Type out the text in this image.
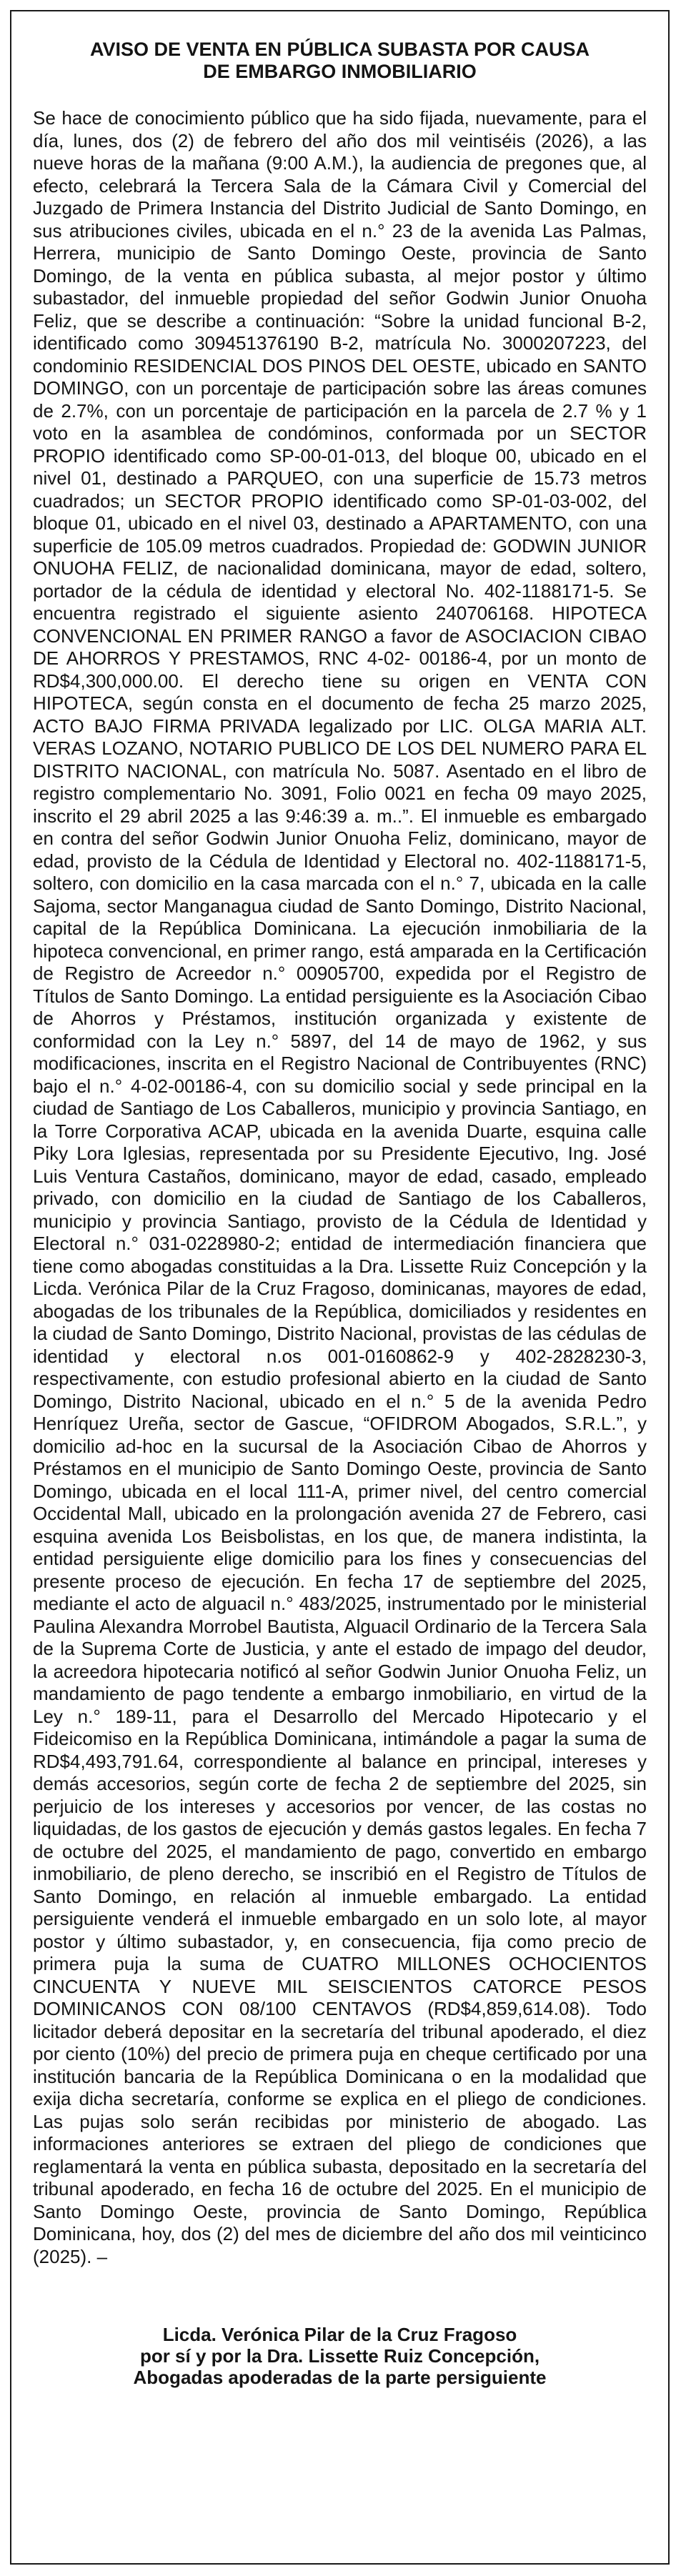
AVISO DE VENTA EN PÚBLICA SUBASTA POR CAUSA
DE EMBARGO INMOBILIARIO

Se hace de conocimiento público que ha sido fijada, nuevamente, para el día, lunes, dos (2) de febrero del año dos mil veintiséis (2026), a las nueve horas de la mañana (9:00 A.M.), la audiencia de pregones que, al efecto, celebrará la Tercera Sala de la Cámara Civil y Comercial del Juzgado de Primera Instancia del Distrito Judicial de Santo Domingo, en sus atribuciones civiles, ubicada en el n.° 23 de la avenida Las Palmas, Herrera, municipio de Santo Domingo Oeste, provincia de Santo Domingo, de la venta en pública subasta, al mejor postor y último subastador, del inmueble propiedad del señor Godwin Junior Onuoha Feliz, que se describe a continuación: “Sobre la unidad funcional B-2, identificado como 309451376190 B-2, matrícula No. 3000207223, del condominio RESIDENCIAL DOS PINOS DEL OESTE, ubicado en SANTO DOMINGO, con un porcentaje de participación sobre las áreas comunes de 2.7%, con un porcentaje de participación en la parcela de 2.7 % y 1 voto en la asamblea de condóminos, conformada por un SECTOR PROPIO identificado como SP-00-01-013, del bloque 00, ubicado en el nivel 01, destinado a PARQUEO, con una superficie de 15.73 metros cuadrados; un SECTOR PROPIO identificado como SP-01-03-002, del bloque 01, ubicado en el nivel 03, destinado a APARTAMENTO, con una superficie de 105.09 metros cuadrados. Propiedad de: GODWIN JUNIOR ONUOHA FELIZ, de nacionalidad dominicana, mayor de edad, soltero, portador de la cédula de identidad y electoral No. 402-1188171-5. Se encuentra registrado el siguiente asiento 240706168. HIPOTECA CONVENCIONAL EN PRIMER RANGO a favor de ASOCIACION CIBAO DE AHORROS Y PRESTAMOS, RNC 4-02- 00186-4, por un monto de RD$4,300,000.00. El derecho tiene su origen en VENTA CON HIPOTECA, según consta en el documento de fecha 25 marzo 2025, ACTO BAJO FIRMA PRIVADA legalizado por LIC. OLGA MARIA ALT. VERAS LOZANO, NOTARIO PUBLICO DE LOS DEL NUMERO PARA EL DISTRITO NACIONAL, con matrícula No. 5087. Asentado en el libro de registro complementario No. 3091, Folio 0021 en fecha 09 mayo 2025, inscrito el 29 abril 2025 a las 9:46:39 a. m..”. El inmueble es embargado en contra del señor Godwin Junior Onuoha Feliz, dominicano, mayor de edad, provisto de la Cédula de Identidad y Electoral no. 402-1188171-5, soltero, con domicilio en la casa marcada con el n.° 7, ubicada en la calle Sajoma, sector Manganagua ciudad de Santo Domingo, Distrito Nacional, capital de la República Dominicana. La ejecución inmobiliaria de la hipoteca convencional, en primer rango, está amparada en la Certificación de Registro de Acreedor n.° 00905700, expedida por el Registro de Títulos de Santo Domingo. La entidad persiguiente es la Asociación Cibao de Ahorros y Préstamos, institución organizada y existente de conformidad con la Ley n.° 5897, del 14 de mayo de 1962, y sus modificaciones, inscrita en el Registro Nacional de Contribuyentes (RNC) bajo el n.° 4-02-00186-4, con su domicilio social y sede principal en la ciudad de Santiago de Los Caballeros, municipio y provincia Santiago, en la Torre Corporativa ACAP, ubicada en la avenida Duarte, esquina calle Piky Lora Iglesias, representada por su Presidente Ejecutivo, Ing. José Luis Ventura Castaños, dominicano, mayor de edad, casado, empleado privado, con domicilio en la ciudad de Santiago de los Caballeros, municipio y provincia Santiago, provisto de la Cédula de Identidad y Electoral n.° 031-0228980-2; entidad de intermediación financiera que tiene como abogadas constituidas a la Dra. Lissette Ruiz Concepción y la Licda. Verónica Pilar de la Cruz Fragoso, dominicanas, mayores de edad, abogadas de los tribunales de la República, domiciliados y residentes en la ciudad de Santo Domingo, Distrito Nacional, provistas de las cédulas de identidad y electoral n.os 001-0160862-9 y 402-2828230-3, respectivamente, con estudio profesional abierto en la ciudad de Santo Domingo, Distrito Nacional, ubicado en el n.° 5 de la avenida Pedro Henríquez Ureña, sector de Gascue, “OFIDROM Abogados, S.R.L.”, y domicilio ad-hoc en la sucursal de la Asociación Cibao de Ahorros y Préstamos en el municipio de Santo Domingo Oeste, provincia de Santo Domingo, ubicada en el local 111-A, primer nivel, del centro comercial Occidental Mall, ubicado en la prolongación avenida 27 de Febrero, casi esquina avenida Los Beisbolistas, en los que, de manera indistinta, la entidad persiguiente elige domicilio para los fines y consecuencias del presente proceso de ejecución. En fecha 17 de septiembre del 2025, mediante el acto de alguacil n.° 483/2025, instrumentado por le ministerial Paulina Alexandra Morrobel Bautista, Alguacil Ordinario de la Tercera Sala de la Suprema Corte de Justicia, y ante el estado de impago del deudor, la acreedora hipotecaria notificó al señor Godwin Junior Onuoha Feliz, un mandamiento de pago tendente a embargo inmobiliario, en virtud de la Ley n.° 189-11, para el Desarrollo del Mercado Hipotecario y el Fideicomiso en la República Dominicana, intimándole a pagar la suma de RD$4,493,791.64, correspondiente al balance en principal, intereses y demás accesorios, según corte de fecha 2 de septiembre del 2025, sin perjuicio de los intereses y accesorios por vencer, de las costas no liquidadas, de los gastos de ejecución y demás gastos legales. En fecha 7 de octubre del 2025, el mandamiento de pago, convertido en embargo inmobiliario, de pleno derecho, se inscribió en el Registro de Títulos de Santo Domingo, en relación al inmueble embargado. La entidad persiguiente venderá el inmueble embargado en un solo lote, al mayor postor y último subastador, y, en consecuencia, fija como precio de primera puja la suma de CUATRO MILLONES OCHOCIENTOS CINCUENTA Y NUEVE MIL SEISCIENTOS CATORCE PESOS DOMINICANOS CON 08/100 CENTAVOS (RD$4,859,614.08). Todo licitador deberá depositar en la secretaría del tribunal apoderado, el diez por ciento (10%) del precio de primera puja en cheque certificado por una institución bancaria de la República Dominicana o en la modalidad que exija dicha secretaría, conforme se explica en el pliego de condiciones. Las pujas solo serán recibidas por ministerio de abogado. Las informaciones anteriores se extraen del pliego de condiciones que reglamentará la venta en pública subasta, depositado en la secretaría del tribunal apoderado, en fecha 16 de octubre del 2025. En el municipio de Santo Domingo Oeste, provincia de Santo Domingo, República Dominicana, hoy, dos (2) del mes de diciembre del año dos mil veinticinco (2025). –

Licda. Verónica Pilar de la Cruz Fragoso
por sí y por la Dra. Lissette Ruiz Concepción,
Abogadas apoderadas de la parte persiguiente
